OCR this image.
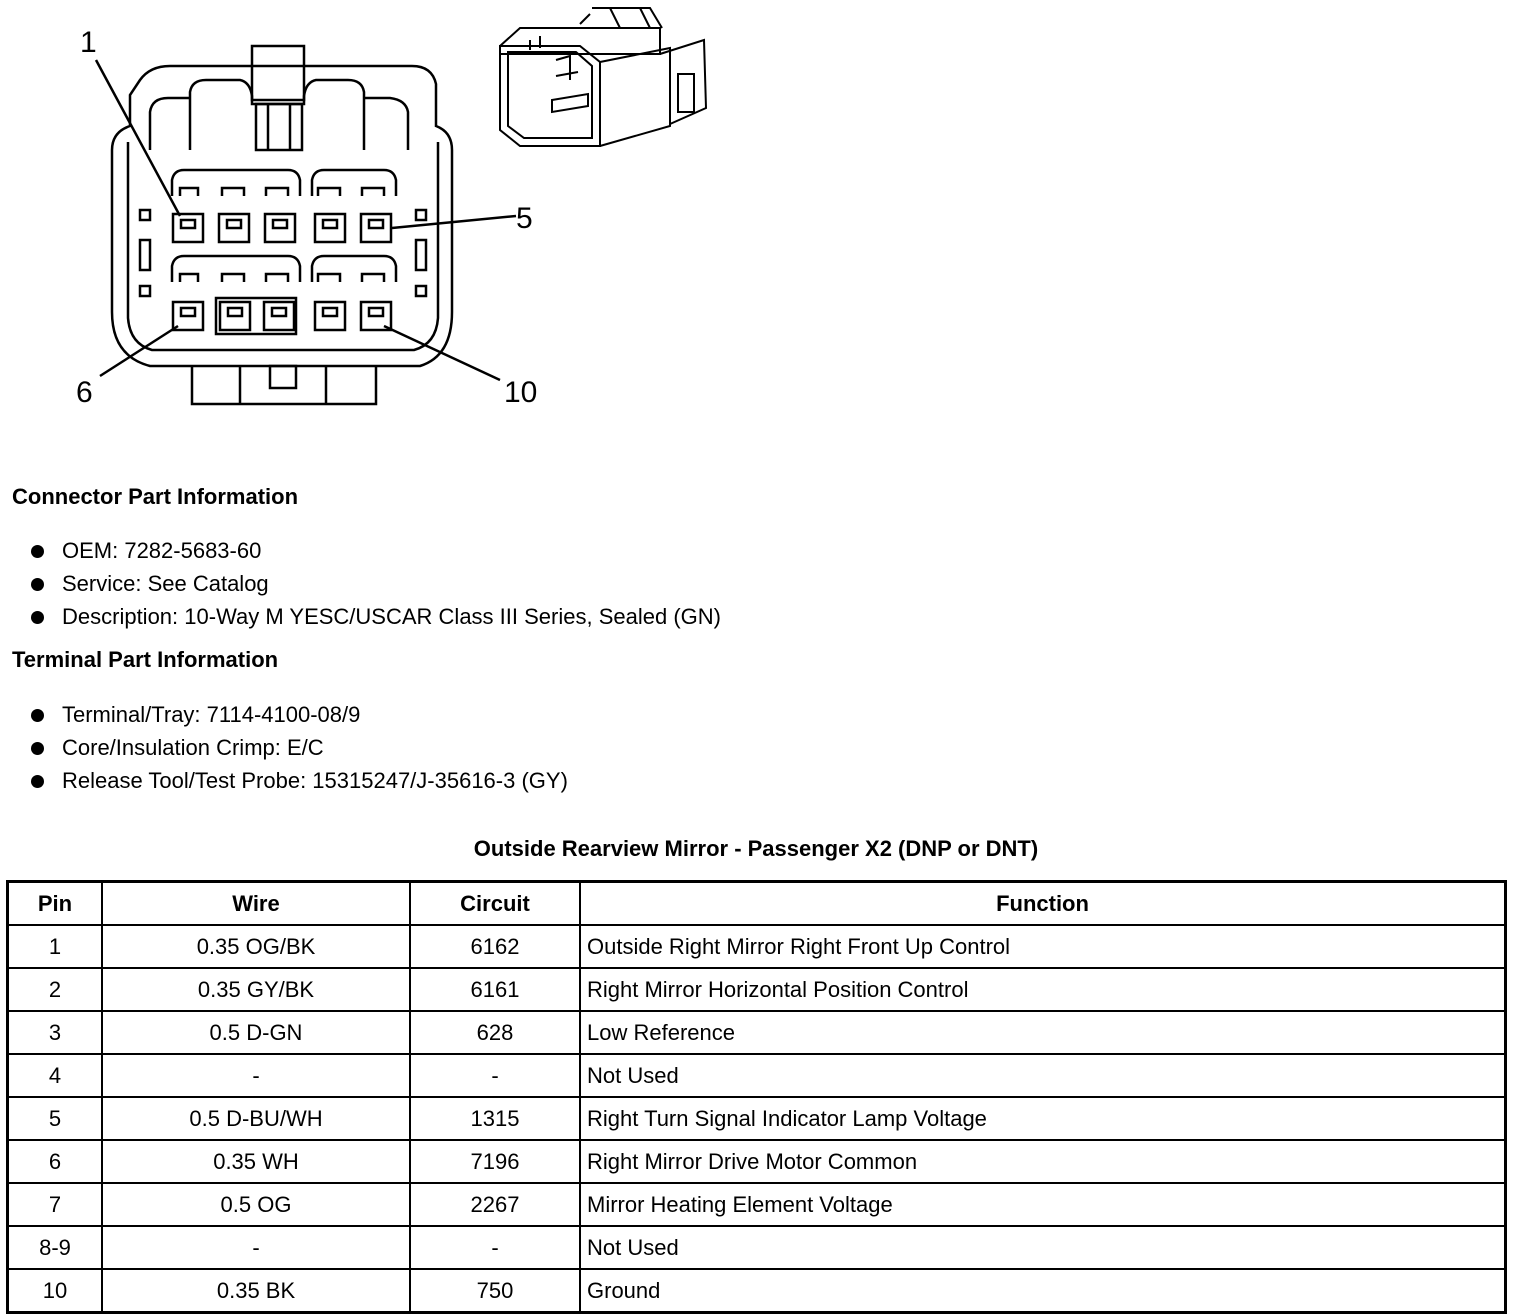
1
5
6	10
Connector Part Information
OEM: 7282-5683-60
Service: See Catalog
Description: 10-Way M YESC/USCAR Class III Series, Sealed (GN)
Terminal Part Information
Terminal/Tray: 7114-4100-08/9
Core/Insulation Crimp: E/C
Release Tool/Test Probe: 15315247/J-35616-3 (GY)
Outside Rearview Mirror - Passenger X2 (DNP or DNT)
Pin	Wire	Circuit	Function
1	0.35 OG/BK	6162	Outside Right Mirror Right Front Up Control
2	0.35 GY/BK	6161	Right Mirror Horizontal Position Control
3	0.5 D-GN	628	Low Reference
4	-	-	Not Used
5	0.5 D-BU/WH	1315	Right Turn Signal Indicator Lamp Voltage
6	0.35 WH	7196	Right Mirror Drive Motor Common
7	0.5 OG	2267	Mirror Heating Element Voltage
8-9	-	-	Not Used
10	0.35 BK	750	Ground
